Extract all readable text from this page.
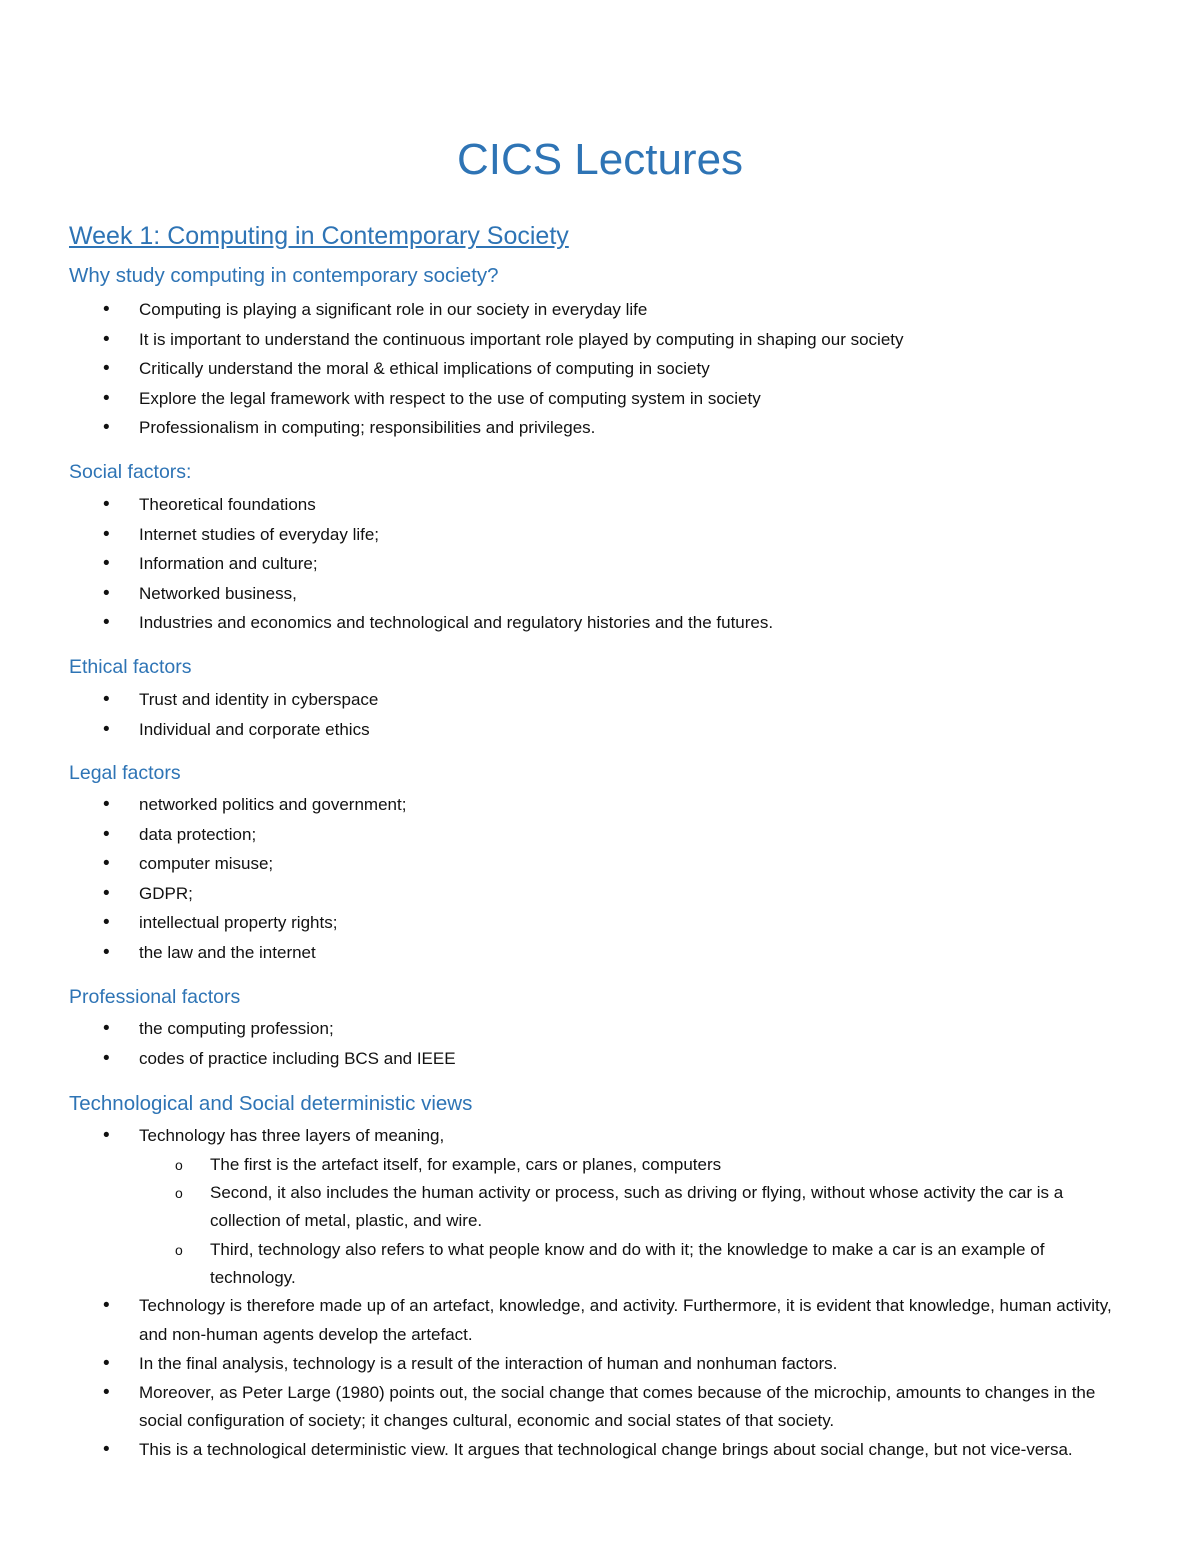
CICS Lectures
Week 1: Computing in Contemporary Society
Why study computing in contemporary society?
• Computing is playing a significant role in our society in everyday life
• It is important to understand the continuous important role played by computing in shaping our society
• Critically understand the moral & ethical implications of computing in society
• Explore the legal framework with respect to the use of computing system in society
• Professionalism in computing; responsibilities and privileges.
Social factors:
• Theoretical foundations
• Internet studies of everyday life;
• Information and culture;
• Networked business,
• Industries and economics and technological and regulatory histories and the futures.
Ethical factors
• Trust and identity in cyberspace
• Individual and corporate ethics
Legal factors
• networked politics and government;
• data protection;
• computer misuse;
• GDPR;
• intellectual property rights;
• the law and the internet
Professional factors
• the computing profession;
• codes of practice including BCS and IEEE
Technological and Social deterministic views
• Technology has three layers of meaning,
o The first is the artefact itself, for example, cars or planes, computers
o Second, it also includes the human activity or process, such as driving or flying, without whose activity the car is a collection of metal, plastic, and wire.
o Third, technology also refers to what people know and do with it; the knowledge to make a car is an example of technology.
• Technology is therefore made up of an artefact, knowledge, and activity. Furthermore, it is evident that knowledge, human activity, and non-human agents develop the artefact.
• In the final analysis, technology is a result of the interaction of human and nonhuman factors.
• Moreover, as Peter Large (1980) points out, the social change that comes because of the microchip, amounts to changes in the social configuration of society; it changes cultural, economic and social states of that society.
• This is a technological deterministic view. It argues that technological change brings about social change, but not vice-versa.
